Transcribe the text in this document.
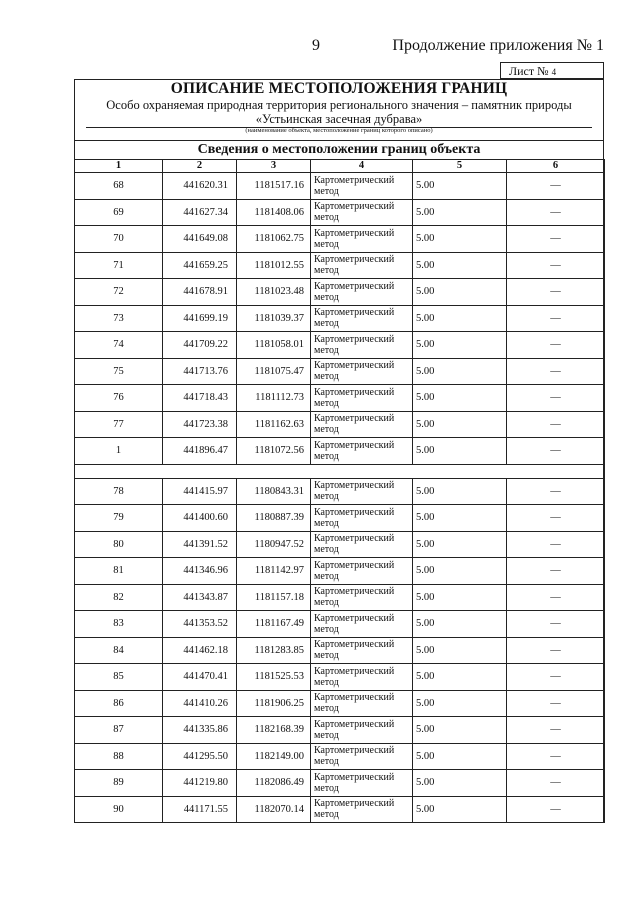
9	Продолжение приложения № 1
Лист № 4
ОПИСАНИЕ МЕСТОПОЛОЖЕНИЯ ГРАНИЦ
Особо охраняемая природная территория регионального значения – памятник природы
«Устьинская засечная дубрава»
(наименование объекта, местоположение границ которого описано)
Сведения о местоположении границ объекта
1	2	3	4	5	6
68	441620.31	1181517.16	Картометрический метод	5.00	—
69	441627.34	1181408.06	Картометрический метод	5.00	—
70	441649.08	1181062.75	Картометрический метод	5.00	—
71	441659.25	1181012.55	Картометрический метод	5.00	—
72	441678.91	1181023.48	Картометрический метод	5.00	—
73	441699.19	1181039.37	Картометрический метод	5.00	—
74	441709.22	1181058.01	Картометрический метод	5.00	—
75	441713.76	1181075.47	Картометрический метод	5.00	—
76	441718.43	1181112.73	Картометрический метод	5.00	—
77	441723.38	1181162.63	Картометрический метод	5.00	—
1	441896.47	1181072.56	Картометрический метод	5.00	—

78	441415.97	1180843.31	Картометрический метод	5.00	—
79	441400.60	1180887.39	Картометрический метод	5.00	—
80	441391.52	1180947.52	Картометрический метод	5.00	—
81	441346.96	1181142.97	Картометрический метод	5.00	—
82	441343.87	1181157.18	Картометрический метод	5.00	—
83	441353.52	1181167.49	Картометрический метод	5.00	—
84	441462.18	1181283.85	Картометрический метод	5.00	—
85	441470.41	1181525.53	Картометрический метод	5.00	—
86	441410.26	1181906.25	Картометрический метод	5.00	—
87	441335.86	1182168.39	Картометрический метод	5.00	—
88	441295.50	1182149.00	Картометрический метод	5.00	—
89	441219.80	1182086.49	Картометрический метод	5.00	—
90	441171.55	1182070.14	Картометрический метод	5.00	—
